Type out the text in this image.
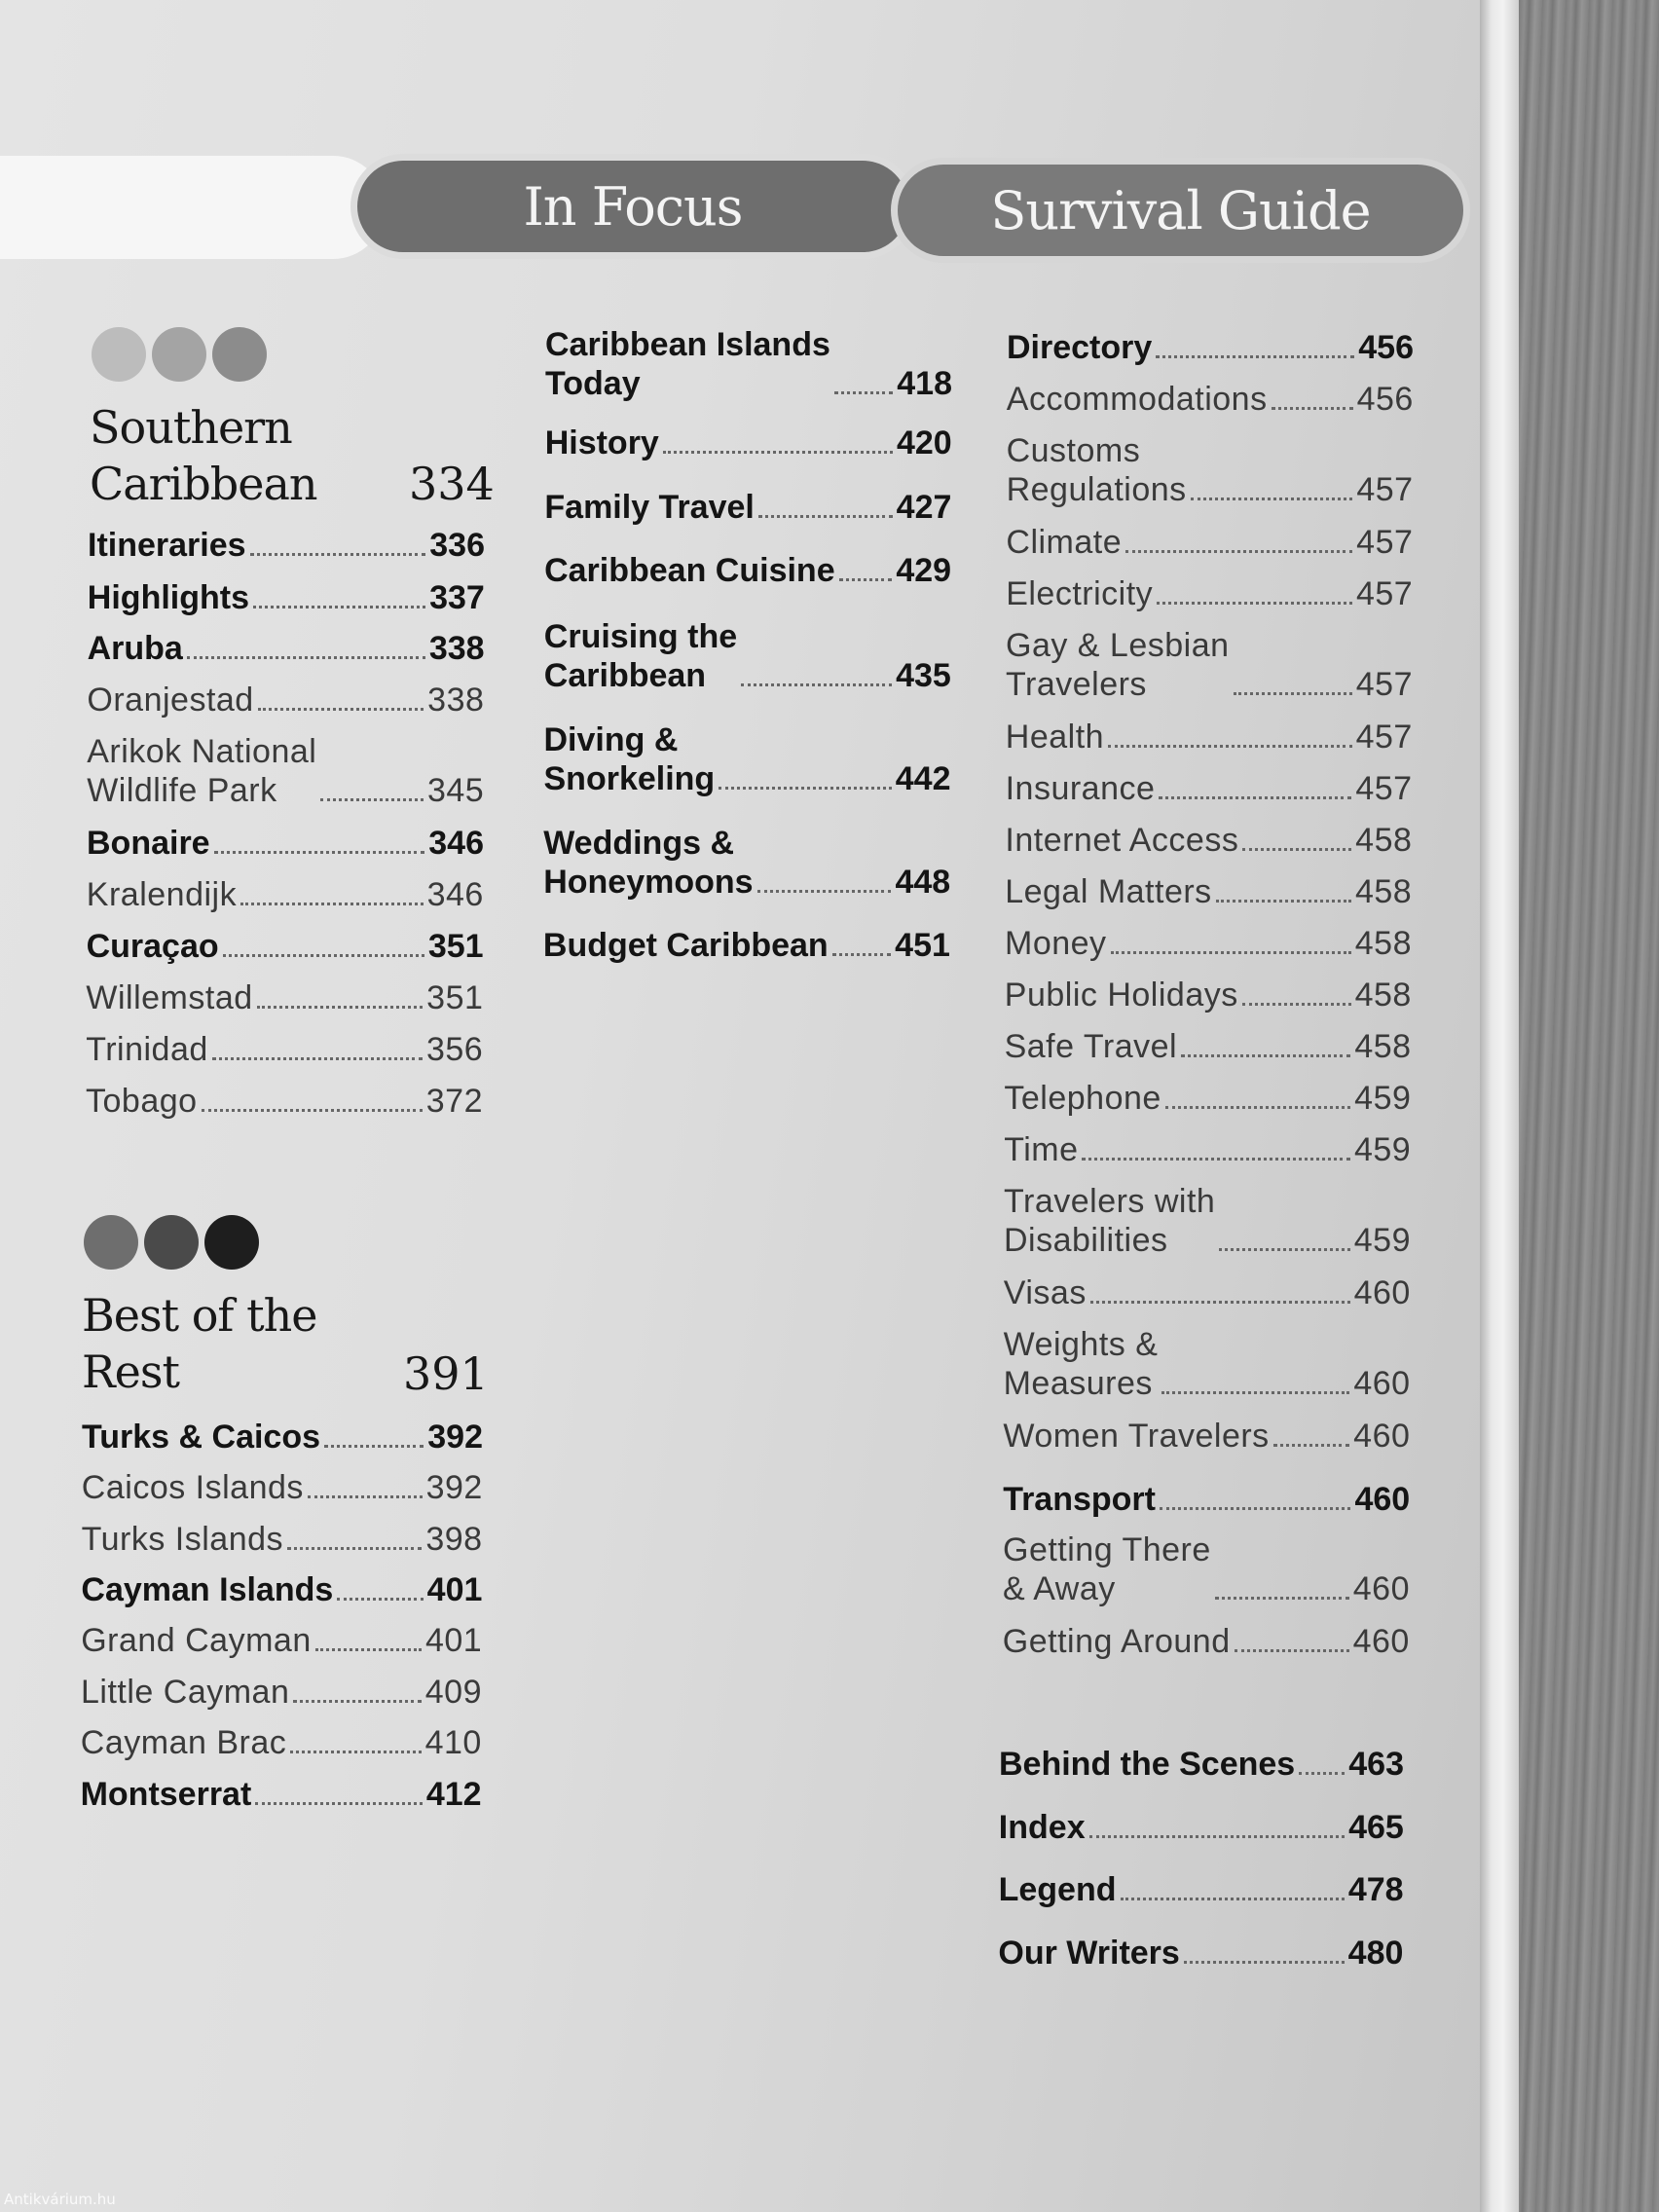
In Focus	Survival Guide
Southern
Caribbean 334
Itineraries	336
Highlights	337
Aruba	338
Oranjestad	338
Arikok National
Wildlife Park	345
Bonaire	346
Kralendijk	346
Curaçao	351
Willemstad	351
Trinidad	356
Tobago	372
Best of the
Rest	391
Turks & Caicos	392
Caicos Islands	392
Turks Islands	398
Cayman Islands	401
Grand Cayman	401
Little Cayman	409
Cayman Brac	410
Montserrat	412
Caribbean Islands
Today	418
History	420
Family Travel	427
Caribbean Cuisine 429
Cruising the
Caribbean	435
Diving &
Snorkeling	442
Weddings &
Honeymoons	448
Budget Caribbean 451
Directory	456
Accommodations	456
Customs
Regulations	457
Climate	457
Electricity	457
Gay & Lesbian
Travelers	457
Health	457
Insurance	457
Internet Access	458
Legal Matters	458
Money	458
Public Holidays	458
Safe Travel	458
Telephone	459
Time	459
Travelers with
Disabilities	459
Visas	460
Weights &
Measures	460
Women Travelers	460
Transport	460
Getting There
& Away	460
Getting Around	460
Behind the Scenes 463
Index	465
Legend	478
Our Writers	480
Antikvárium.hu
